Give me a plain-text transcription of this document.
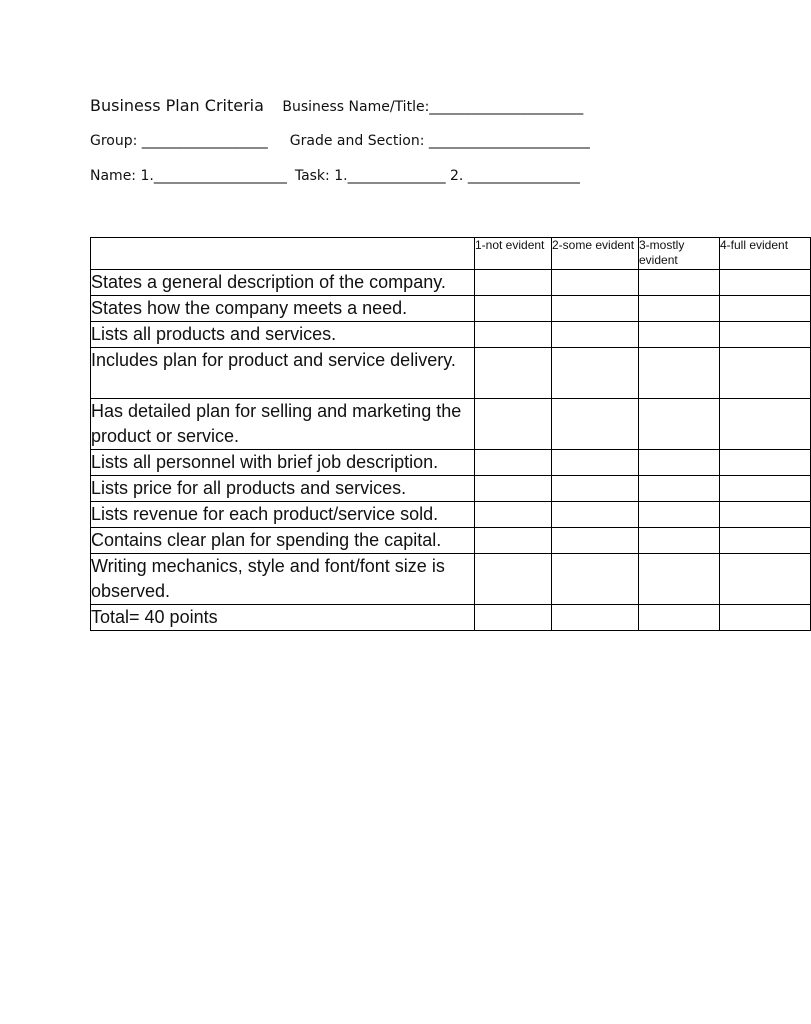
Business Plan Criteria Business Name/Title:______________________
Group: __________________ Grade and Section: _______________________
Name: 1.___________________ Task: 1.______________ 2. ________________
	1-not evident	2-some evident	3-mostly evident	4-full evident
States a general description of the company.				
States how the company meets a need.				
Lists all products and services.				
Includes plan for product and service delivery.				
Has detailed plan for selling and marketing the product or service.				
Lists all personnel with brief job description.				
Lists price for all products and services.				
Lists revenue for each product/service sold.				
Contains clear plan for spending the capital.				
Writing mechanics, style and font/font size is observed.				
Total= 40 points				
